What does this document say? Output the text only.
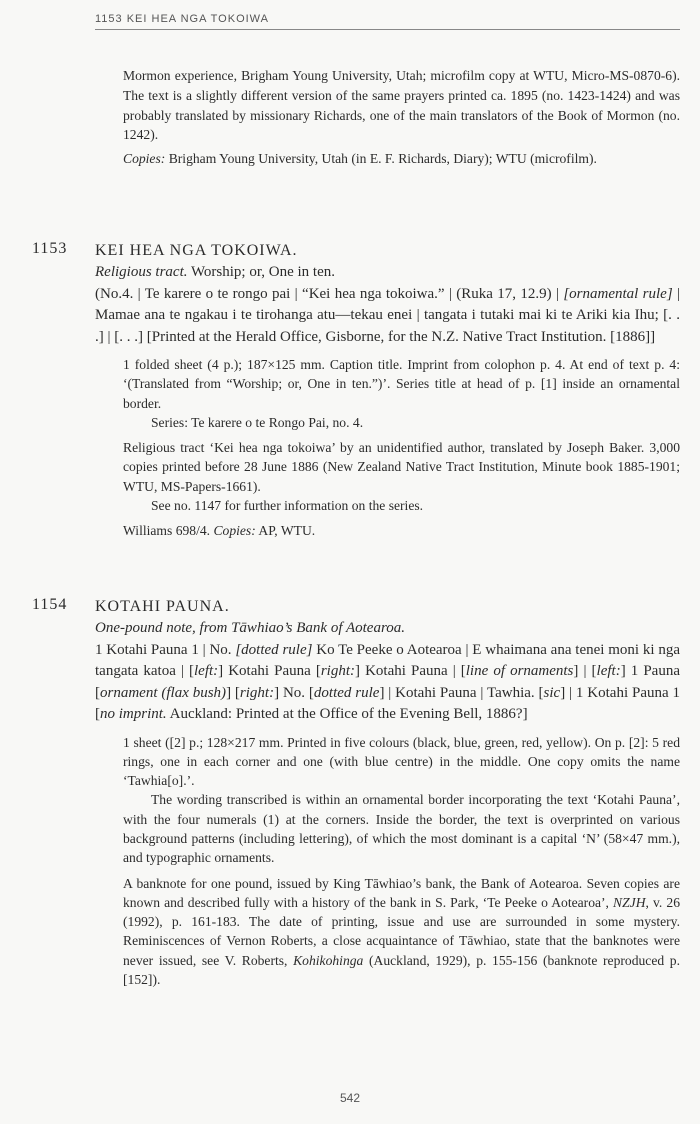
1153 KEI HEA NGA TOKOIWA

Mormon experience, Brigham Young University, Utah; microfilm copy at WTU, Micro-MS-0870-6). The text is a slightly different version of the same prayers printed ca. 1895 (no. 1423-1424) and was probably translated by missionary Richards, one of the main translators of the Book of Mormon (no. 1242).

Copies: Brigham Young University, Utah (in E. F. Richards, Diary); WTU (microfilm).

1153 KEI HEA NGA TOKOIWA.

Religious tract. Worship; or, One in ten.

(No.4. | Te karere o te rongo pai | “Kei hea nga tokoiwa.” | (Ruka 17, 12.9) | [ornamental rule] | Mamae ana te ngakau i te tirohanga atu—tekau enei | tangata i tutaki mai ki te Ariki kia Ihu; [. . .] | [. . .] [Printed at the Herald Office, Gisborne, for the N.Z. Native Tract Institution. [1886]]

1 folded sheet (4 p.); 187×125 mm. Caption title. Imprint from colophon p. 4. At end of text p. 4: ‘(Translated from “Worship; or, One in ten.”)’. Series title at head of p. [1] inside an ornamental border.

Series: Te karere o te Rongo Pai, no. 4.

Religious tract ‘Kei hea nga tokoiwa’ by an unidentified author, translated by Joseph Baker. 3,000 copies printed before 28 June 1886 (New Zealand Native Tract Institution, Minute book 1885-1901; WTU, MS-Papers-1661).

See no. 1147 for further information on the series.

Williams 698/4. Copies: AP, WTU.

1154 KOTAHI PAUNA.

One-pound note, from Tāwhiao’s Bank of Aotearoa.

1 Kotahi Pauna 1 | No. [dotted rule] Ko Te Peeke o Aotearoa | E whaimana ana tenei moni ki nga tangata katoa | [left:] Kotahi Pauna [right:] Kotahi Pauna | [line of ornaments] | [left:] 1 Pauna [ornament (flax bush)] [right:] No. [dotted rule] | Kotahi Pauna | Tawhia. [sic] | 1 Kotahi Pauna 1 [no imprint. Auckland: Printed at the Office of the Evening Bell, 1886?]

1 sheet ([2] p.; 128×217 mm. Printed in five colours (black, blue, green, red, yellow). On p. [2]: 5 red rings, one in each corner and one (with blue centre) in the middle. One copy omits the name ‘Tawhia[o].’.

The wording transcribed is within an ornamental border incorporating the text ‘Kotahi Pauna’, with the four numerals (1) at the corners. Inside the border, the text is overprinted on various background patterns (including lettering), of which the most dominant is a capital ‘N’ (58×47 mm.), and typographic ornaments.

A banknote for one pound, issued by King Tāwhiao’s bank, the Bank of Aotearoa. Seven copies are known and described fully with a history of the bank in S. Park, ‘Te Peeke o Aotearoa’, NZJH, v. 26 (1992), p. 161-183. The date of printing, issue and use are surrounded in some mystery. Reminiscences of Vernon Roberts, a close acquaintance of Tāwhiao, state that the banknotes were never issued, see V. Roberts, Kohikohinga (Auckland, 1929), p. 155-156 (banknote reproduced p. [152]).

542
